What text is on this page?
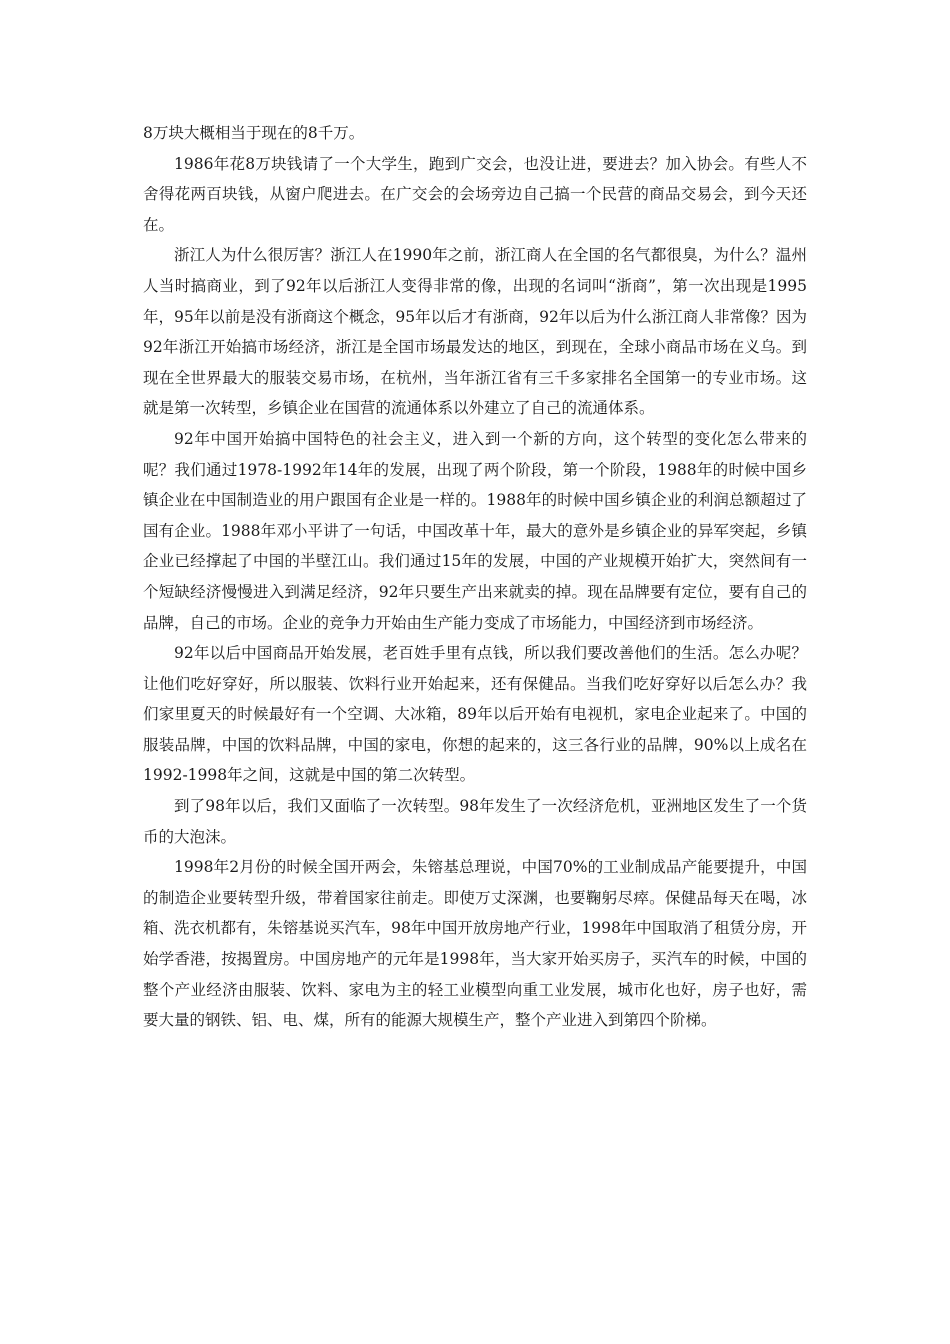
8万块大概相当于现在的8千万。

1986年花8万块钱请了一个大学生，跑到广交会，也没让进，要进去？加入协会。有些人不舍得花两百块钱，从窗户爬进去。在广交会的会场旁边自己搞一个民营的商品交易会，到今天还在。

浙江人为什么很厉害？浙江人在1990年之前，浙江商人在全国的名气都很臭，为什么？温州人当时搞商业，到了92年以后浙江人变得非常的像，出现的名词叫“浙商”，第一次出现是1995年，95年以前是没有浙商这个概念，95年以后才有浙商，92年以后为什么浙江商人非常像？因为92年浙江开始搞市场经济，浙江是全国市场最发达的地区，到现在，全球小商品市场在义乌。到现在全世界最大的服装交易市场，在杭州，当年浙江省有三千多家排名全国第一的专业市场。这就是第一次转型，乡镇企业在国营的流通体系以外建立了自己的流通体系。

92年中国开始搞中国特色的社会主义，进入到一个新的方向，这个转型的变化怎么带来的呢？我们通过1978-1992年14年的发展，出现了两个阶段，第一个阶段，1988年的时候中国乡镇企业在中国制造业的用户跟国有企业是一样的。1988年的时候中国乡镇企业的利润总额超过了国有企业。1988年邓小平讲了一句话，中国改革十年，最大的意外是乡镇企业的异军突起，乡镇企业已经撑起了中国的半壁江山。我们通过15年的发展，中国的产业规模开始扩大，突然间有一个短缺经济慢慢进入到满足经济，92年只要生产出来就卖的掉。现在品牌要有定位，要有自己的品牌，自己的市场。企业的竞争力开始由生产能力变成了市场能力，中国经济到市场经济。

92年以后中国商品开始发展，老百姓手里有点钱，所以我们要改善他们的生活。怎么办呢？让他们吃好穿好，所以服装、饮料行业开始起来，还有保健品。当我们吃好穿好以后怎么办？我们家里夏天的时候最好有一个空调、大冰箱，89年以后开始有电视机，家电企业起来了。中国的服装品牌，中国的饮料品牌，中国的家电，你想的起来的，这三各行业的品牌，90%以上成名在1992-1998年之间，这就是中国的第二次转型。

到了98年以后，我们又面临了一次转型。98年发生了一次经济危机，亚洲地区发生了一个货币的大泡沫。

1998年2月份的时候全国开两会，朱镕基总理说，中国70%的工业制成品产能要提升，中国的制造企业要转型升级，带着国家往前走。即使万丈深渊，也要鞠躬尽瘁。保健品每天在喝，冰箱、洗衣机都有，朱镕基说买汽车，98年中国开放房地产行业，1998年中国取消了租赁分房，开始学香港，按揭置房。中国房地产的元年是1998年，当大家开始买房子，买汽车的时候，中国的整个产业经济由服装、饮料、家电为主的轻工业模型向重工业发展，城市化也好，房子也好，需要大量的钢铁、铝、电、煤，所有的能源大规模生产，整个产业进入到第四个阶梯。
